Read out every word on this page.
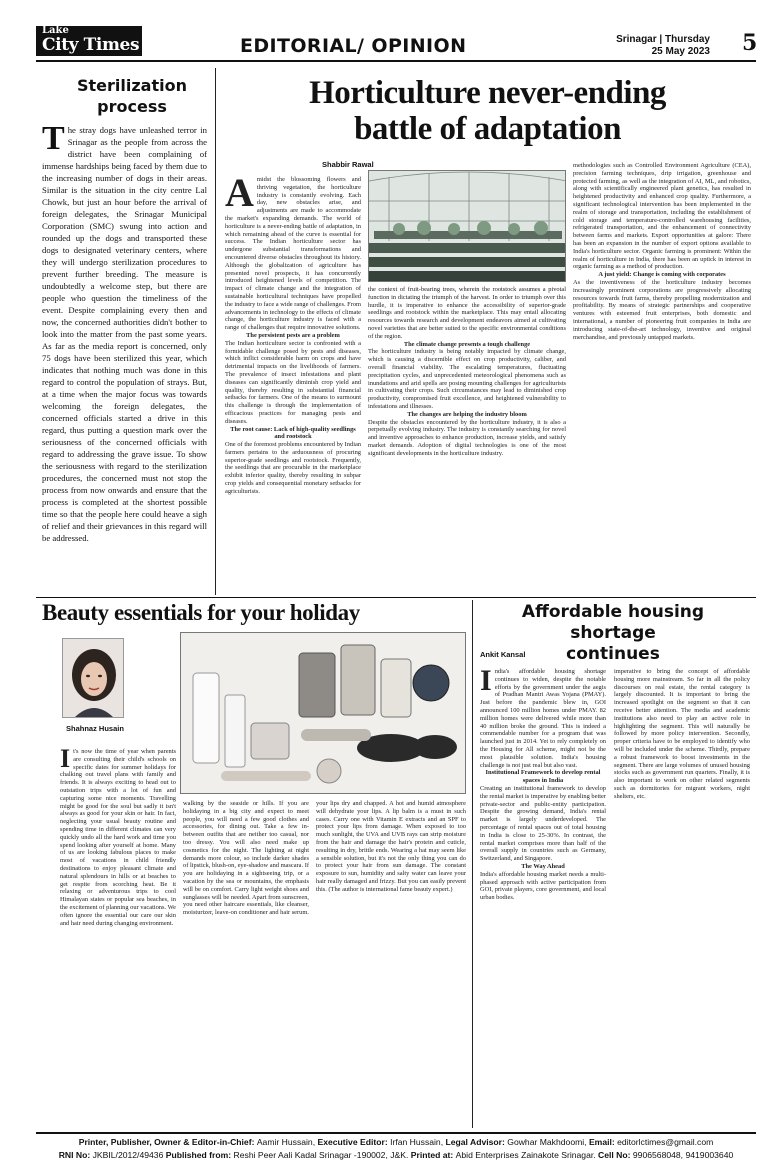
Lake
City Times	EDITORIAL/ OPINION	Srinagar | Thursday
25 May 2023 5
Sterilization
process
The stray dogs have unleashed terror in Srinagar as the people from across the district have been complaining of immense hardships being faced by them due to the increasing number of dogs in their areas. Similar is the situation in the city centre Lal Chowk, but just an hour before the arrival of foreign delegates, the Srinagar Municipal Corporation (SMC) swung into action and rounded up the dogs and transported these dogs to designated veterinary centers, where they will undergo sterilization procedures to prevent further breeding. The measure is undoubtedly a welcome step, but there are people who question the timeliness of the event. Despite complaining every then and now, the concerned authorities didn't bother to look into the matter from the past some years. As far as the media report is concerned, only 75 dogs have been sterilized this year, which indicates that nothing much was done in this regard to control the population of strays. But, at a time when the major focus was towards welcoming the foreign delegates, the concerned officials started a drive in this regard, thus putting a question mark over the seriousness of the concerned officials with regard to addressing the grave issue. To show the seriousness with regard to the sterilization procedures, the concerned must not stop the process from now onwards and ensure that the process is completed at the shortest possible time so that the people here could heave a sigh of relief and their grievances in this regard will be addressed.
Horticulture never-ending
battle of adaptation
Shabbir Rawal
A midst the blossoming flowers and thriving vegetation, the horticulture industry is constantly evolving. Each day, new obstacles arise, and adjustments are made to accommodate the market's expanding demands. The world of horticulture is a never-ending battle of adaptation, in which remaining ahead of the curve is essential for success. The Indian horticulture sector has undergone substantial transformations and encountered diverse obstacles throughout its history. Although the globalization of agriculture has presented novel prospects, it has concurrently introduced heightened levels of competition. The impact of climate change and the integration of sustainable horticultural techniques have propelled the industry to face a wide range of challenges. From advancements in technology to the effects of climate change, the horticulture industry is faced with a range of challenges that require innovative solutions.
The persistent pests are a problem
The Indian horticulture sector is confronted with a formidable challenge posed by pests and diseases, which inflict considerable harm on crops and have detrimental impacts on the livelihoods of farmers. The prevalence of insect infestations and plant diseases can significantly diminish crop yield and quality, thereby resulting in substantial financial setbacks for farmers. One of the means to surmount this challenge is through the implementation of efficacious practices for managing pests and diseases.
The root cause: Lack of high-quality seedlings and rootstock
One of the foremost problems encountered by Indian farmers pertains to the arduousness of procuring superior-grade seedlings and rootstock. Frequently, the seedlings that are procurable in the marketplace exhibit inferior quality, thereby resulting in subpar crop yields and consequential monetary setbacks for agriculturists.
the context of fruit-bearing trees, wherein the rootstock assumes a pivotal function in dictating the triumph of the harvest. In order to triumph over this hurdle, it is imperative to enhance the accessibility of superior-grade seedlings and rootstock within the marketplace. This may entail allocating resources towards research and development endeavors aimed at cultivating novel varieties that are better suited to the specific environmental conditions of the region.
The climate change presents a tough challenge
The horticulture industry is being notably impacted by climate change, which is causing a discernible effect on crop productivity, caliber, and overall financial viability. The escalating temperatures, fluctuating precipitation cycles, and unprecedented meteorological phenomena such as inundations and arid spells are posing mounting challenges for agriculturists in cultivating their crops. Such circumstances may lead to diminished crop productivity, compromised fruit excellence, and heightened vulnerability to infestations and illnesses.
The changes are helping the industry bloom
Despite the obstacles encountered by the horticulture industry, it is also a perpetually evolving industry. The industry is constantly searching for novel and inventive approaches to enhance production, increase yields, and satisfy market demands. Adoption of digital technologies is one of the most significant developments in the horticulture industry.
methodologies such as Controlled Environment Agriculture (CEA), precision farming techniques, drip irrigation, greenhouse and protected farming, as well as the integration of AI, ML, and robotics, along with scientifically engineered plant genetics, has resulted in heightened productivity and enhanced crop quality. Furthermore, a significant technological intervention has been implemented in the realm of storage and transportation, including the establishment of cold storage and temperature-controlled warehousing facilities, refrigerated transportation, and the enhancement of connectivity between farms and markets. Export opportunities at galore: There has been an expansion in the number of export options available to India's horticulture sector. Organic farming is prominent: Within the realm of horticulture in India, there has been an uptick in interest in organic farming as a method of production.
A just yield: Change is coming with corporates
As the inventiveness of the horticulture industry becomes increasingly prominent corporations are progressively allocating resources towards fruit farms, thereby propelling modernization and profitability. By means of strategic partnerships and cooperative ventures with esteemed fruit enterprises, both domestic and international, a number of pioneering fruit companies in India are introducing state-of-the-art technology, inventive and original merchandise, and previously untapped markets.
Beauty essentials for your holiday
Shahnaz Husain
I t's now the time of year when parents are consulting their child's schools on specific dates for summer holidays for chalking out travel plans with family and friends. It is always exciting to head out to outstation trips with a lot of fun and capturing some nice moments. Travelling might be good for the soul but sadly it isn't always as good for your skin or hair. In fact, neglecting your usual beauty routine and spending time in different climates can very quickly undo all the hard work and time you spend looking after yourself at home. Many of us are looking fabulous places to make most of vacations in child friendly destinations to enjoy pleasant climate and natural splendours in hills or at beaches to get respite from scorching heat. Be it relaxing or adventurous trips to cool Himalayan states or popular sea beaches, in the excitement of planning our vacations. We often ignore the essential our care our skin and hair need during changing environment.
walking by the seaside or hills. If you are holidaying in a big city and expect to meet people, you will need a few good clothes and accessories, for dining out. Take a few in-between outfits that are neither too casual, nor too dressy. You will also need make up cosmetics for the night. The lighting at night demands more colour, so include darker shades of lipstick, blush-on, eye-shadow and mascara. If you are holidaying in a sightseeing trip, or a vacation by the sea or mountains, the emphasis will be on comfort. Carry light weight shoes and sunglasses will be needed. Apart from sunscreen, you need other haircare essentials, like cleanser, moisturizer, leave-on conditioner and hair serum.
your lips dry and chapped. A hot and humid atmosphere will dehydrate your lips. A lip balm is a must in such cases. Carry one with Vitamin E extracts and an SPF to protect your lips from damage. When exposed to too much sunlight, the UVA and UVB rays can strip moisture from the hair and damage the hair's protein and cuticle, resulting in dry, brittle ends. Wearing a hat may seem like a sensible solution, but it's not the only thing you can do to protect your hair from sun damage. The constant exposure to sun, humidity and salty water can leave your hair really damaged and frizzy. But you can easily prevent this. (The author is international fame beauty expert.)
Affordable housing shortage
continues
Ankit Kansal
I ndia's affordable housing shortage continues to widen, despite the notable efforts by the government under the aegis of Pradhan Mantri Awas Yojana (PMAY). Just before the pandemic blew in, GOI announced 100 million homes under PMAY. 82 million homes were delivered while more than 40 million broke the ground. This is indeed a commendable number for a program that was launched just in 2014. Yet to rely completely on the Housing for All scheme, might not be the most plausible solution. India's housing challenge is not just real but also vast.
Institutional Framework to develop rental spaces in India
Creating an institutional framework to develop the rental market is imperative by enabling better private-sector and public-entity participation. Despite the growing demand, India's rental market is largely underdeveloped. The percentage of rental spaces out of total housing in India is close to 25-30%. In contrast, the rental market comprises more than half of the overall supply in countries such as Germany, Switzerland, and Singapore.
The Way Ahead
India's affordable housing market needs a multi-phased approach with active participation from GOI, private players, core government, and local urban bodies.
imperative to bring the concept of affordable housing more mainstream. So far in all the policy discourses on real estate, the rental category is largely discounted. It is important to bring the increased spotlight on the segment so that it can receive better attention. The media and academic institutions also need to play an active role in highlighting the segment. This will naturally be followed by more policy intervention. Secondly, proper criteria have to be employed to identify who will be included under the scheme. Thirdly, prepare a robust framework to boost investments in the segment. There are large volumes of unused housing stocks such as government run quarters. Finally, it is also important to work on other related segments such as dormitories for migrant workers, night shelters, etc.
Printer, Publisher, Owner & Editor-in-Chief: Aamir Hussain, Executive Editor: Irfan Hussain, Legal Advisor: Gowhar Makhdoomi, Email: editorlctimes@gmail.com
RNI No: JKBIL/2012/49436 Published from: Reshi Peer Aali Kadal Srinagar -190002, J&K. Printed at: Abid Enterprises Zainakote Srinagar. Cell No: 9906568048, 9419003640
